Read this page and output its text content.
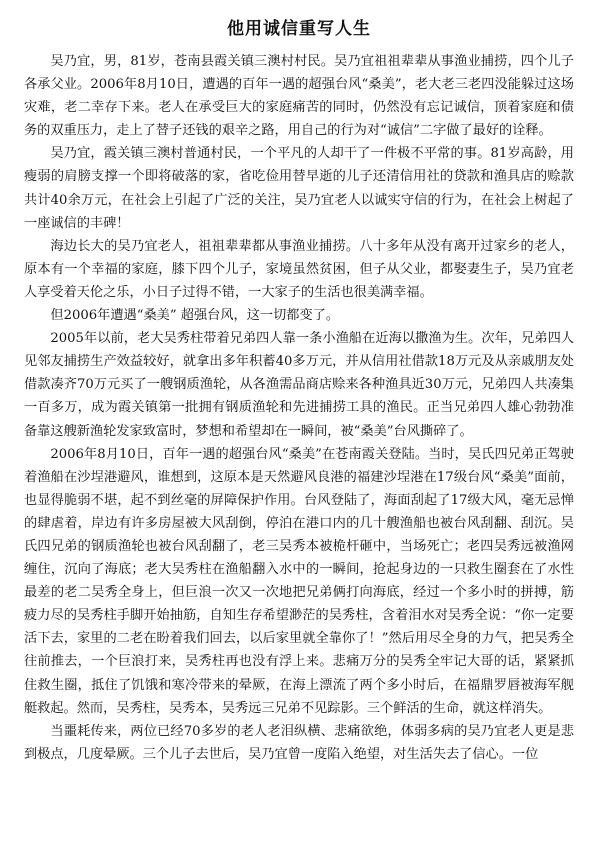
他用诚信重写人生

吴乃宜，男，81岁，苍南县霞关镇三澳村村民。吴乃宜祖祖辈辈从事渔业捕捞，四个儿子各承父业。2006年8月10日，遭遇的百年一遇的超强台风“桑美”，老大老三老四没能躲过这场灾难，老二幸存下来。老人在承受巨大的家庭痛苦的同时，仍然没有忘记诚信，顶着家庭和债务的双重压力，走上了替子还钱的艰辛之路，用自己的行为对“诚信”二字做了最好的诠释。

吴乃宜，霞关镇三澳村普通村民，一个平凡的人却干了一件极不平常的事。81岁高龄，用瘦弱的肩膀支撑一个即将破落的家，省吃俭用替早逝的儿子还清信用社的贷款和渔具店的赊款共计40余万元，在社会上引起了广泛的关注，吴乃宜老人以诚实守信的行为，在社会上树起了一座诚信的丰碑！

海边长大的吴乃宜老人，祖祖辈辈都从事渔业捕捞。八十多年从没有离开过家乡的老人，原本有一个幸福的家庭，膝下四个儿子，家境虽然贫困，但子从父业，都娶妻生子，吴乃宜老人享受着天伦之乐，小日子过得不错，一大家子的生活也很美满幸福。

但2006年遭遇“桑美” 超强台风，这一切都变了。

2005年以前，老大吴秀柱带着兄弟四人靠一条小渔船在近海以撒渔为生。次年，兄弟四人见邻友捕捞生产效益较好，就拿出多年积蓄40多万元，并从信用社借款18万元及从亲戚朋友处借款凑齐70万元买了一艘钢质渔轮，从各渔需品商店赊来各种渔具近30万元，兄弟四人共凑集一百多万，成为霞关镇第一批拥有钢质渔轮和先进捕捞工具的渔民。正当兄弟四人雄心勃勃准备靠这艘新渔轮发家致富时，梦想和希望却在一瞬间，被“桑美”台风撕碎了。

2006年8月10日，百年一遇的超强台风“桑美”在苍南霞关登陆。当时，吴氏四兄弟正驾驶着渔船在沙埕港避风，谁想到，这原本是天然避风良港的福建沙埕港在17级台风“桑美”面前，也显得脆弱不堪，起不到丝毫的屏障保护作用。台风登陆了，海面刮起了17级大风，毫无忌惮的肆虐着，岸边有许多房屋被大风刮倒，停泊在港口内的几十艘渔船也被台风刮翻、刮沉。吴氏四兄弟的钢质渔轮也被台风刮翻了，老三吴秀本被桅杆砸中，当场死亡；老四吴秀远被渔网缠住，沉向了海底；老大吴秀柱在渔船翻入水中的一瞬间，抢起身边的一只救生圈套在了水性最差的老二吴秀全身上，但巨浪一次又一次地把兄弟俩打向海底，经过一个多小时的拼搏，筋疲力尽的吴秀柱手脚开始抽筋，自知生存希望渺茫的吴秀柱，含着泪水对吴秀全说：“你一定要活下去，家里的二老在盼着我们回去，以后家里就全靠你了！”然后用尽全身的力气，把吴秀全往前推去，一个巨浪打来，吴秀柱再也没有浮上来。悲痛万分的吴秀全牢记大哥的话，紧紧抓住救生圈，抵住了饥饿和寒冷带来的晕厥，在海上漂流了两个多小时后，在福鼎罗唇被海军舰艇救起。然而，吴秀柱，吴秀本，吴秀远三兄弟不见踪影。三个鲜活的生命，就这样消失。

当噩耗传来，两位已经70多岁的老人老泪纵横、悲痛欲绝，体弱多病的吴乃宜老人更是悲到极点，几度晕厥。三个儿子去世后，吴乃宜曾一度陷入绝望，对生活失去了信心。一位
